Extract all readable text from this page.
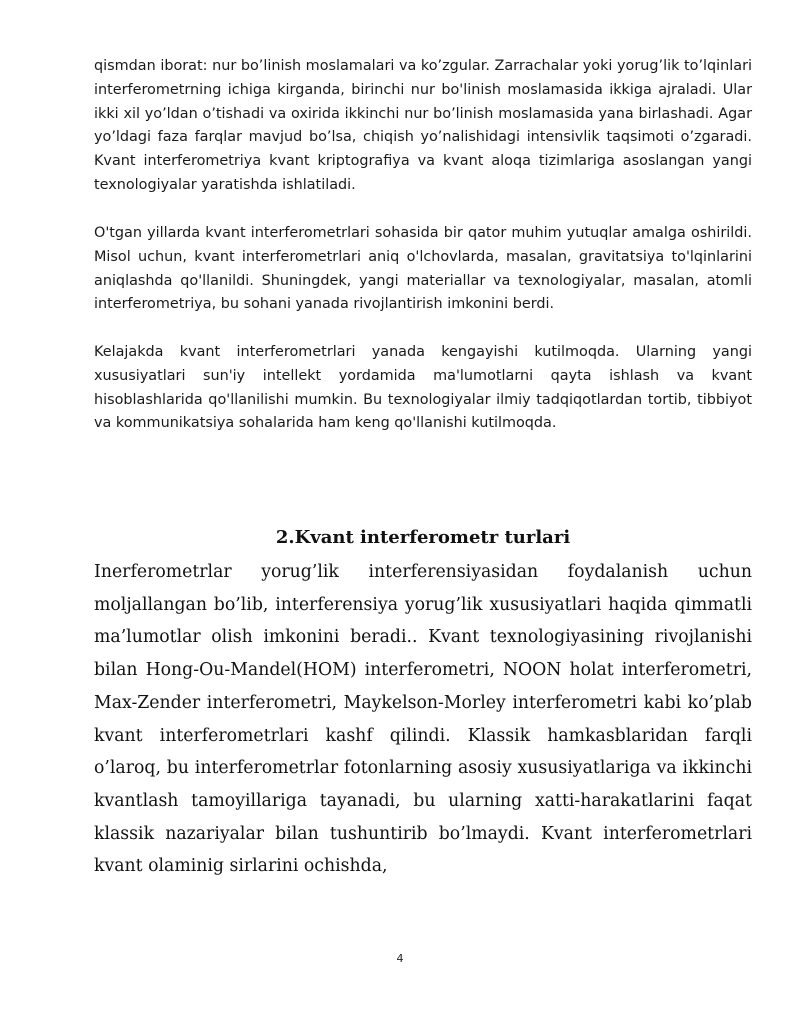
qismdan iborat: nur bo’linish moslamalari va ko’zgular. Zarrachalar yoki yorug’lik to’lqinlari interferometrning ichiga kirganda, birinchi nur bo'linish moslamasida ikkiga ajraladi. Ular ikki xil yo’ldan o’tishadi va oxirida ikkinchi nur bo’linish moslamasida yana birlashadi. Agar yo’ldagi faza farqlar mavjud bo’lsa, chiqish yo’nalishidagi intensivlik taqsimoti o’zgaradi. Kvant interferometriya kvant kriptografiya va kvant aloqa tizimlariga asoslangan yangi texnologiyalar yaratishda ishlatiladi.

O'tgan yillarda kvant interferometrlari sohasida bir qator muhim yutuqlar amalga oshirildi. Misol uchun, kvant interferometrlari aniq o'lchovlarda, masalan, gravitatsiya to'lqinlarini aniqlashda qo'llanildi. Shuningdek, yangi materiallar va texnologiyalar, masalan, atomli interferometriya, bu sohani yanada rivojlantirish imkonini berdi.

Kelajakda kvant interferometrlari yanada kengayishi kutilmoqda. Ularning yangi xususiyatlari sun'iy intellekt yordamida ma'lumotlarni qayta ishlash va kvant hisoblashlarida qo'llanilishi mumkin. Bu texnologiyalar ilmiy tadqiqotlardan tortib, tibbiyot va kommunikatsiya sohalarida ham keng qo'llanishi kutilmoqda.

2.Kvant interferometr turlari

Inerferometrlar yorug’lik interferensiyasidan foydalanish uchun moljallangan bo’lib, interferensiya yorug’lik xususiyatlari haqida qimmatli ma’lumotlar olish imkonini beradi.. Kvant texnologiyasining rivojlanishi bilan Hong-Ou-Mandel(HOM) interferometri, NOON holat interferometri, Max-Zender interferometri, Maykelson-Morley interferometri kabi ko’plab kvant interferometrlari kashf qilindi. Klassik hamkasblaridan farqli o’laroq, bu interferometrlar fotonlarning asosiy xususiyatlariga va ikkinchi kvantlash tamoyillariga tayanadi, bu ularning xatti-harakatlarini faqat klassik nazariyalar bilan tushuntirib bo’lmaydi. Kvant interferometrlari kvant olaminig sirlarini ochishda,

4
